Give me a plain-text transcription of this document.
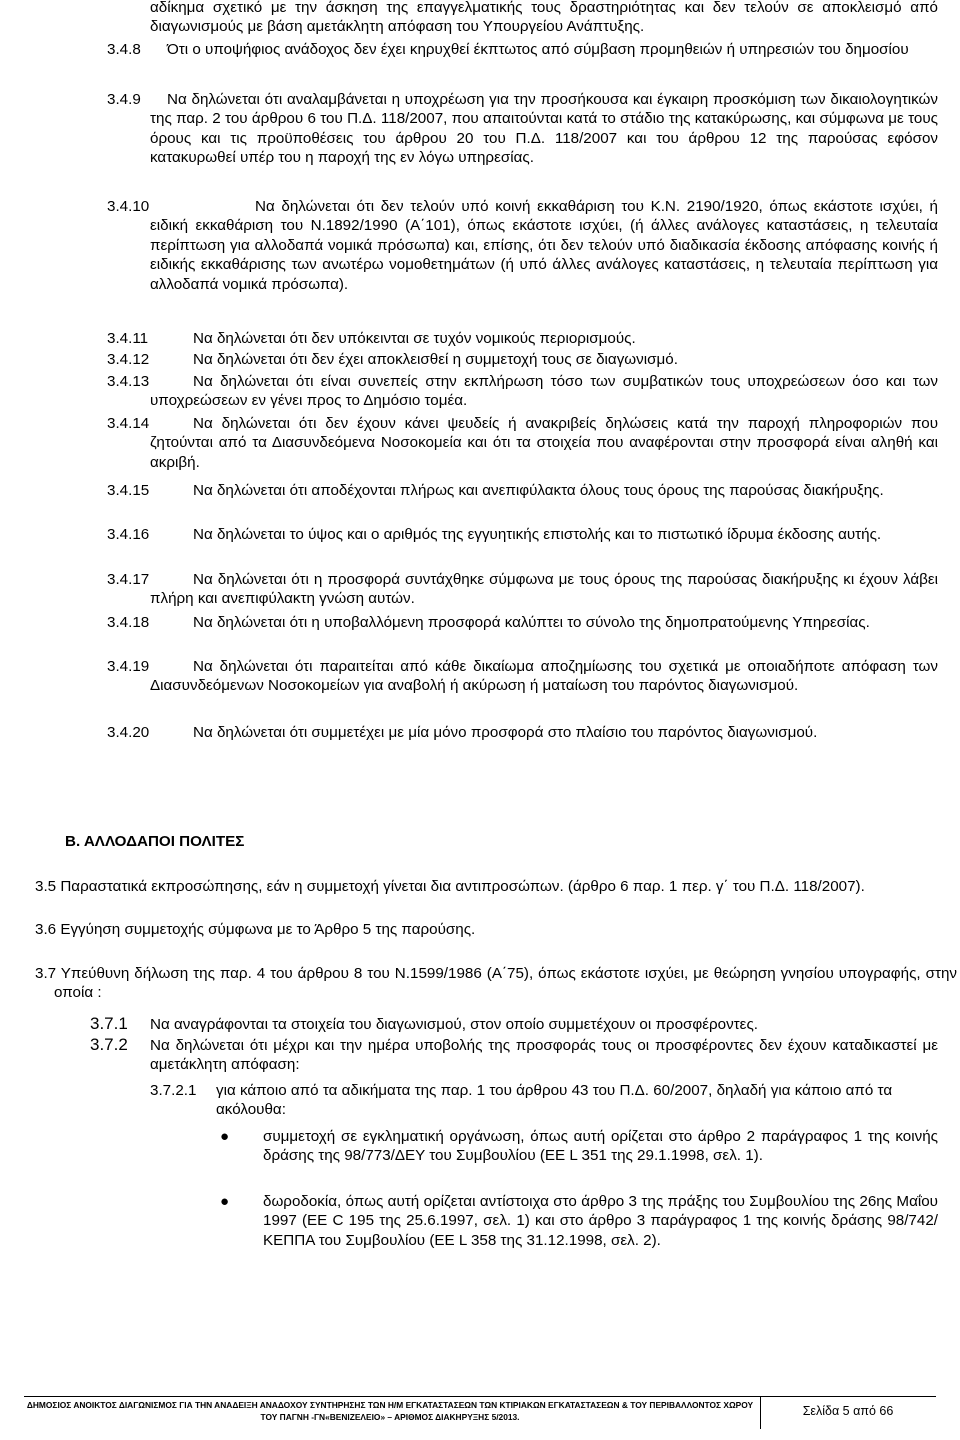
αδίκημα σχετικό με την άσκηση της επαγγελματικής τους δραστηριότητας και δεν τελούν σε αποκλεισμό από διαγωνισμούς με βάση αμετάκλητη απόφαση του Υπουργείου Ανάπτυξης.
3.4.8	Ότι ο υποψήφιος ανάδοχος δεν έχει κηρυχθεί έκπτωτος από σύμβαση προμηθειών ή υπηρεσιών του δημοσίου
3.4.9	Να δηλώνεται ότι αναλαμβάνεται η υποχρέωση για την προσήκουσα και έγκαιρη προσκόμιση των δικαιολογητικών της παρ. 2 του άρθρου 6 του Π.Δ. 118/2007, που απαιτούνται κατά το στάδιο της κατακύρωσης, και σύμφωνα με τους όρους και τις προϋποθέσεις του άρθρου 20 του Π.Δ. 118/2007 και του άρθρου 12 της παρούσας εφόσον κατακυρωθεί υπέρ του η παροχή της εν λόγω υπηρεσίας.
3.4.10	Να δηλώνεται ότι δεν τελούν υπό κοινή εκκαθάριση του Κ.Ν. 2190/1920, όπως εκάστοτε ισχύει, ή ειδική εκκαθάριση του Ν.1892/1990 (Α΄101), όπως εκάστοτε ισχύει, (ή άλλες ανάλογες καταστάσεις, η τελευταία περίπτωση για αλλοδαπά νομικά πρόσωπα) και, επίσης, ότι δεν τελούν υπό διαδικασία έκδοσης απόφασης κοινής ή ειδικής εκκαθάρισης των ανωτέρω νομοθετημάτων (ή υπό άλλες ανάλογες καταστάσεις, η τελευταία περίπτωση για αλλοδαπά νομικά πρόσωπα).
3.4.11	Να δηλώνεται ότι δεν υπόκεινται σε τυχόν νομικούς περιορισμούς.
3.4.12	Να δηλώνεται ότι δεν έχει αποκλεισθεί η συμμετοχή τους σε διαγωνισμό.
3.4.13	Να δηλώνεται ότι είναι συνεπείς στην εκπλήρωση τόσο των συμβατικών τους υποχρεώσεων όσο και των υποχρεώσεων εν γένει προς το Δημόσιο τομέα.
3.4.14	Να δηλώνεται ότι δεν έχουν κάνει ψευδείς ή ανακριβείς δηλώσεις κατά την παροχή πληροφοριών που ζητούνται από τα Διασυνδεόμενα Νοσοκομεία και ότι τα στοιχεία που αναφέρονται στην προσφορά είναι αληθή και ακριβή.
3.4.15	Να δηλώνεται ότι αποδέχονται πλήρως και ανεπιφύλακτα όλους τους όρους της παρούσας διακήρυξης.
3.4.16	Να δηλώνεται το ύψος και ο αριθμός της εγγυητικής επιστολής και το πιστωτικό ίδρυμα έκδοσης αυτής.
3.4.17	Να δηλώνεται ότι η προσφορά συντάχθηκε σύμφωνα με τους όρους της παρούσας διακήρυξης κι έχουν λάβει πλήρη και ανεπιφύλακτη γνώση αυτών.
3.4.18	Να δηλώνεται ότι η υποβαλλόμενη προσφορά καλύπτει το σύνολο της δημοπρατούμενης Υπηρεσίας.
3.4.19	Να δηλώνεται ότι παραιτείται από κάθε δικαίωμα αποζημίωσης του σχετικά με οποιαδήποτε απόφαση των Διασυνδεόμενων Νοσοκομείων για αναβολή ή ακύρωση ή ματαίωση του παρόντος διαγωνισμού.
3.4.20	Να δηλώνεται ότι συμμετέχει με μία μόνο προσφορά στο πλαίσιο του παρόντος διαγωνισμού.
Β. ΑΛΛΟΔΑΠΟΙ ΠΟΛΙΤΕΣ
3.5 Παραστατικά εκπροσώπησης, εάν η συμμετοχή γίνεται δια αντιπροσώπων. (άρθρο 6 παρ. 1 περ. γ΄ του Π.Δ. 118/2007).
3.6 Εγγύηση συμμετοχής σύμφωνα με το Άρθρο 5 της παρούσης.
3.7 Υπεύθυνη δήλωση της παρ. 4 του άρθρου 8 του Ν.1599/1986 (Α΄75), όπως εκάστοτε ισχύει, με θεώρηση γνησίου υπογραφής, στην οποία :
3.7.1 Να αναγράφονται τα στοιχεία του διαγωνισμού, στον οποίο συμμετέχουν οι προσφέροντες.
3.7.2 Να δηλώνεται ότι μέχρι και την ημέρα υποβολής της προσφοράς τους οι προσφέροντες δεν έχουν καταδικαστεί με αμετάκλητη απόφαση:
3.7.2.1 για κάποιο από τα αδικήματα της παρ. 1 του άρθρου 43 του Π.Δ. 60/2007, δηλαδή για κάποιο από τα ακόλουθα:
● συμμετοχή σε εγκληματική οργάνωση, όπως αυτή ορίζεται στο άρθρο 2 παράγραφος 1 της κοινής δράσης της 98/773/ΔΕΥ του Συμβουλίου (ΕΕ L 351 της 29.1.1998, σελ. 1).
● δωροδοκία, όπως αυτή ορίζεται αντίστοιχα στο άρθρο 3 της πράξης του Συμβουλίου της 26ης Μαΐου 1997 (ΕΕ C 195 της 25.6.1997, σελ. 1) και στο άρθρο 3 παράγραφος 1 της κοινής δράσης 98/742/ΚΕΠΠΑ του Συμβουλίου (ΕΕ L 358 της 31.12.1998, σελ. 2).
ΔΗΜΟΣΙΟΣ ΑΝΟΙΚΤΟΣ ΔΙΑΓΩΝΙΣΜΟΣ ΓΙΑ ΤΗΝ ΑΝΑΔΕΙΞΗ ΑΝΑΔΟΧΟΥ ΣΥΝΤΗΡΗΣΗΣ ΤΩΝ Η/Μ ΕΓΚΑΤΑΣΤΑΣΕΩΝ ΤΩΝ ΚΤΙΡΙΑΚΩΝ ΕΓΚΑΤΑΣΤΑΣΕΩΝ & ΤΟΥ ΠΕΡΙΒΑΛΛΟΝΤΟΣ ΧΩΡΟΥ ΤΟΥ ΠΑΓΝΗ -ΓΝ«ΒΕΝΙΖΕΛΕΙΟ» – ΑΡΙΘΜΟΣ ΔΙΑΚΗΡΥΞΗΣ 5/2013.	Σελίδα 5 από 66
